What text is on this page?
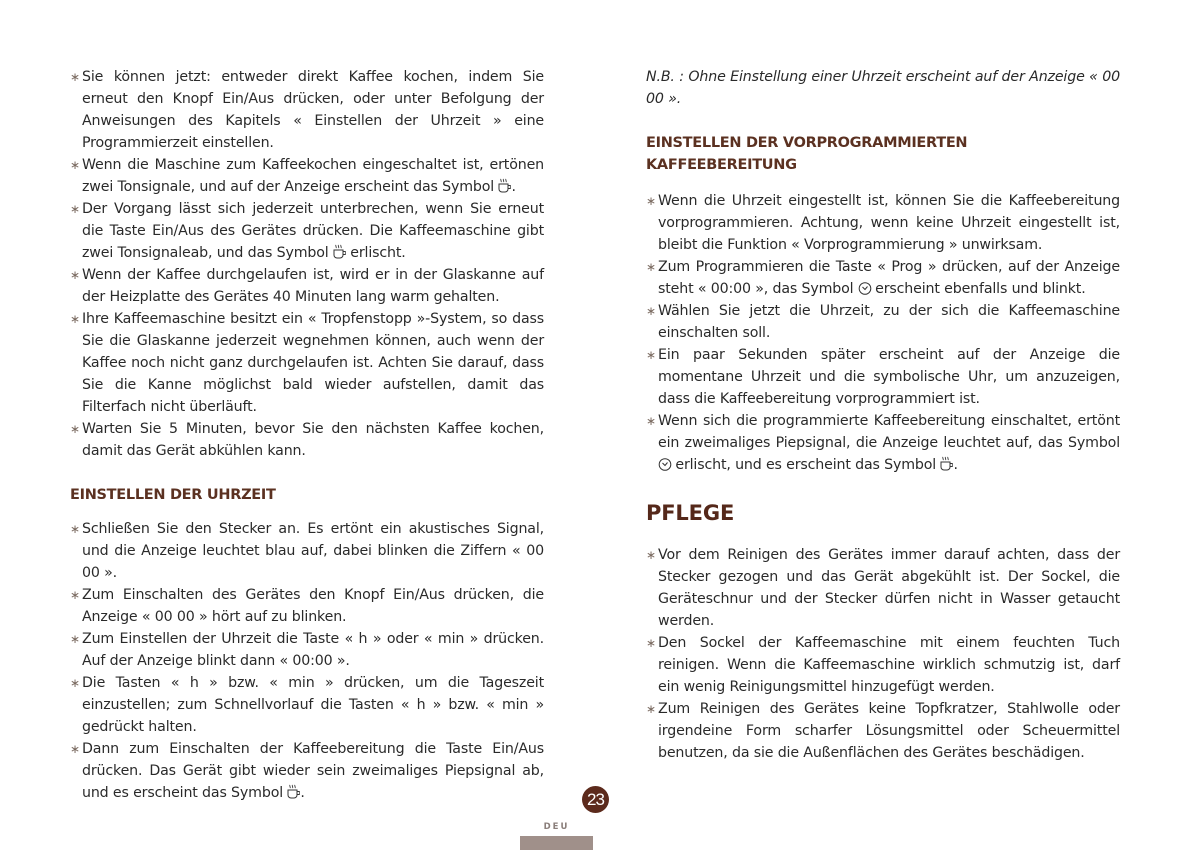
∗ Sie können jetzt: entweder direkt Kaffee kochen, indem Sie erneut den Knopf Ein/Aus drücken, oder unter Befolgung der Anweisungen des Kapitels « Einstellen der Uhrzeit » eine Programmierzeit einstellen.
∗ Wenn die Maschine zum Kaffeekochen eingeschaltet ist, ertönen zwei Tonsignale, und auf der Anzeige erscheint das Symbol .
∗ Der Vorgang lässt sich jederzeit unterbrechen, wenn Sie erneut die Taste Ein/Aus des Gerätes drücken. Die Kaffeemaschine gibt zwei Tonsignaleab, und das Symbol  erlischt.
∗ Wenn der Kaffee durchgelaufen ist, wird er in der Glaskanne auf der Heizplatte des Gerätes 40 Minuten lang warm gehalten.
∗ Ihre Kaffeemaschine besitzt ein « Tropfenstopp »-System, so dass Sie die Glaskanne jederzeit wegnehmen können, auch wenn der Kaffee noch nicht ganz durchgelaufen ist. Achten Sie darauf, dass Sie die Kanne möglichst bald wieder aufstellen, damit das Filterfach nicht überläuft.
∗ Warten Sie 5 Minuten, bevor Sie den nächsten Kaffee kochen, damit das Gerät abkühlen kann.
EINSTELLEN DER UHRZEIT
∗ Schließen Sie den Stecker an. Es ertönt ein akustisches Signal, und die Anzeige leuchtet blau auf, dabei blinken die Ziffern « 00 00 ».
∗ Zum Einschalten des Gerätes den Knopf Ein/Aus drücken, die Anzeige « 00 00 » hört auf zu blinken.
∗ Zum Einstellen der Uhrzeit die Taste « h » oder « min » drücken. Auf der Anzeige blinkt dann « 00:00 ».
∗ Die Tasten « h » bzw. « min » drücken, um die Tageszeit einzustellen; zum Schnellvorlauf die Tasten « h » bzw. « min » gedrückt halten.
∗ Dann zum Einschalten der Kaffeebereitung die Taste Ein/Aus drücken. Das Gerät gibt wieder sein zweimaliges Piepsignal ab, und es erscheint das Symbol .
N.B. : Ohne Einstellung einer Uhrzeit erscheint auf der Anzeige « 00 00 ».
EINSTELLEN DER VORPROGRAMMIERTEN KAFFEEBEREITUNG
∗ Wenn die Uhrzeit eingestellt ist, können Sie die Kaffeebereitung vorprogrammieren. Achtung, wenn keine Uhrzeit eingestellt ist, bleibt die Funktion « Vorprogrammierung » unwirksam.
∗ Zum Programmieren die Taste « Prog » drücken, auf der Anzeige steht « 00:00 », das Symbol  erscheint ebenfalls und blinkt.
∗ Wählen Sie jetzt die Uhrzeit, zu der sich die Kaffeemaschine einschalten soll.
∗ Ein paar Sekunden später erscheint auf der Anzeige die momentane Uhrzeit und die symbolische Uhr, um anzuzeigen, dass die Kaffeebereitung vorprogrammiert ist.
∗ Wenn sich die programmierte Kaffeebereitung einschaltet, ertönt ein zweimaliges Piepsignal, die Anzeige leuchtet auf, das Symbol  erlischt, und es erscheint das Symbol .
PFLEGE
∗ Vor dem Reinigen des Gerätes immer darauf achten, dass der Stecker gezogen und das Gerät abgekühlt ist. Der Sockel, die Geräteschnur und der Stecker dürfen nicht in Wasser getaucht werden.
∗ Den Sockel der Kaffeemaschine mit einem feuchten Tuch reinigen. Wenn die Kaffeemaschine wirklich schmutzig ist, darf ein wenig Reinigungsmittel hinzugefügt werden.
∗ Zum Reinigen des Gerätes keine Topfkratzer, Stahlwolle oder irgendeine Form scharfer Lösungsmittel oder Scheuermittel benutzen, da sie die Außenflächen des Gerätes beschädigen.
23
DEU
